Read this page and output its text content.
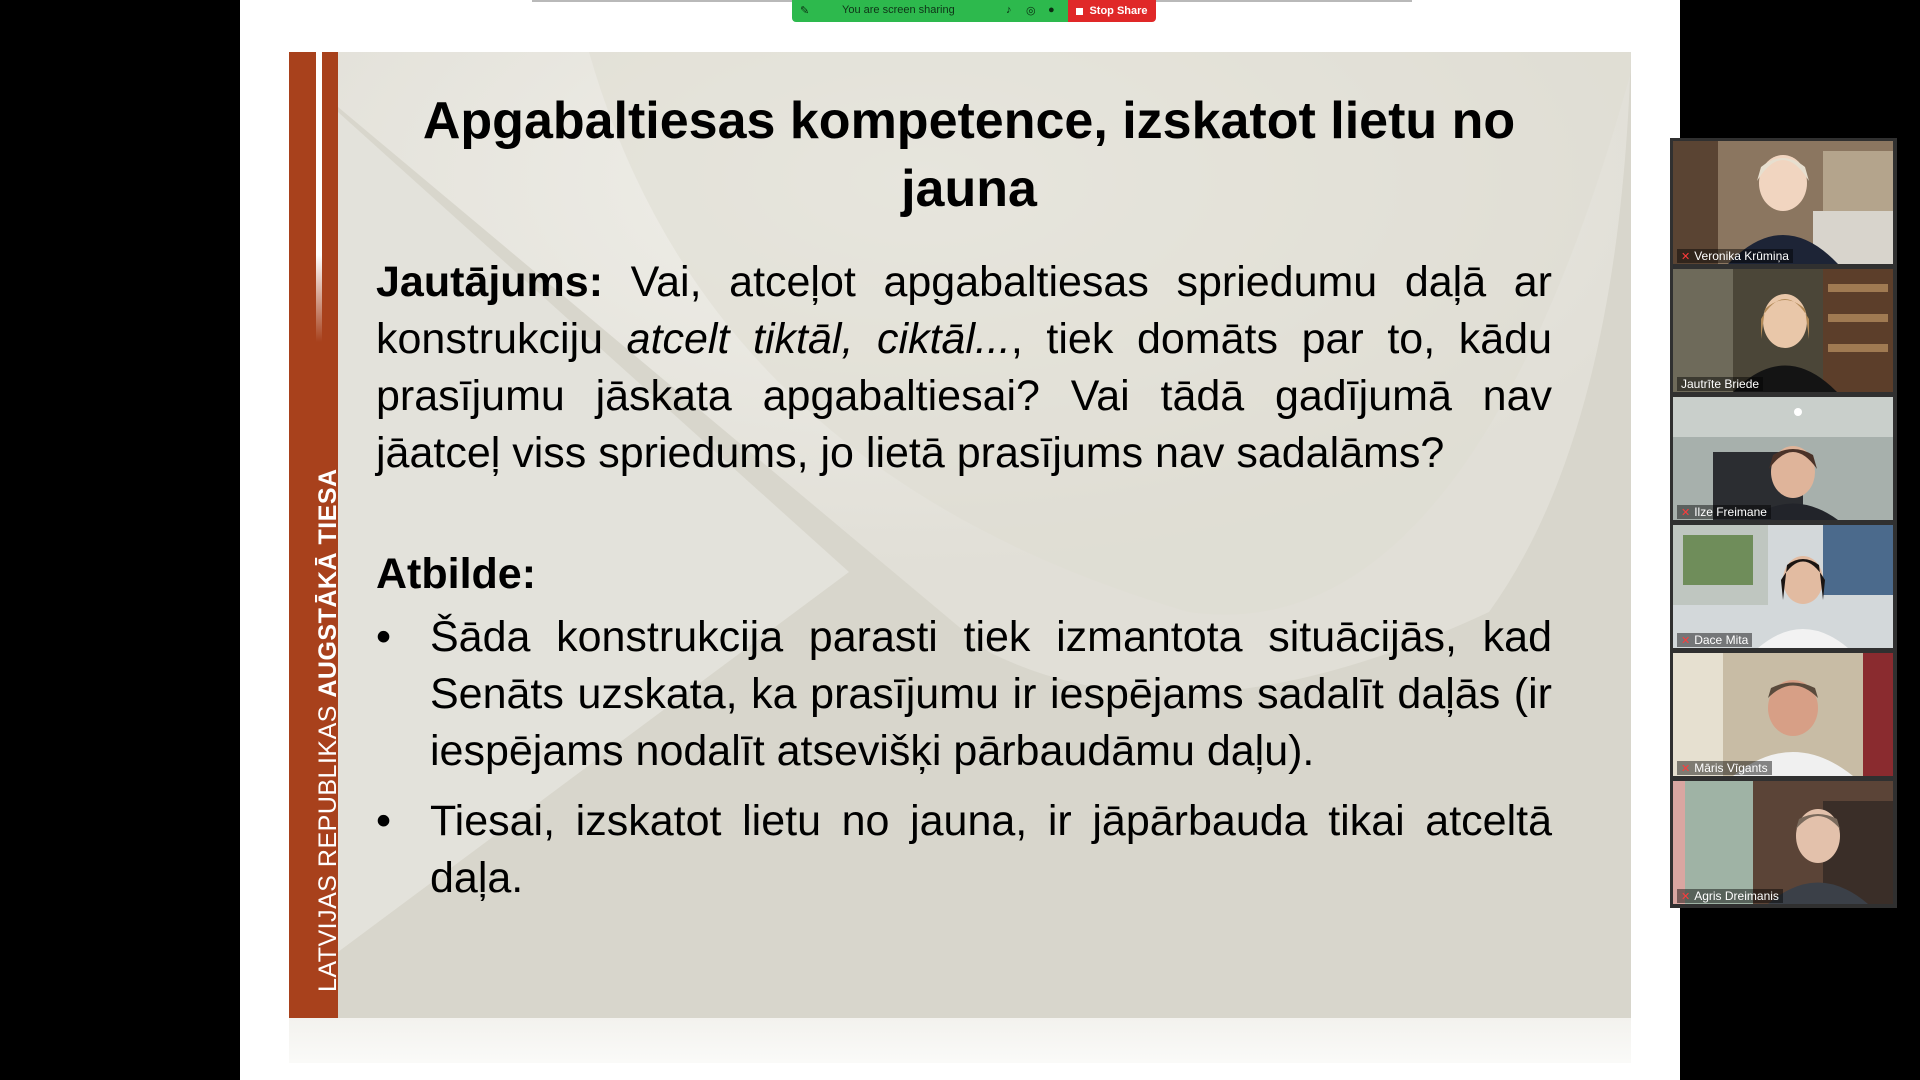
✎	You are screen sharing	♪ ◎ ●	Stop Share
LATVIJAS REPUBLIKAS AUGSTĀKĀ TIESA
Apgabaltiesas kompetence, izskatot lietu no jauna
Jautājums: Vai, atceļot apgabaltiesas spriedumu daļā ar konstrukciju atcelt tiktāl, ciktāl..., tiek domāts par to, kādu prasījumu jāskata apgabaltiesai? Vai tādā gadījumā nav jāatceļ viss spriedums, jo lietā prasījums nav sadalāms?
Atbilde:
• Šāda konstrukcija parasti tiek izmantota situācijās, kad Senāts uzskata, ka prasījumu ir iespējams sadalīt daļās (ir iespējams nodalīt atsevišķi pārbaudāmu daļu).
• Tiesai, izskatot lietu no jauna, ir jāpārbauda tikai atceltā daļa.
✕ Veronika Krūmiņa
Jautrīte Briede
✕ Ilze Freimane
✕ Dace Mita
✕ Māris Vīgants
✕ Agris Dreimanis
